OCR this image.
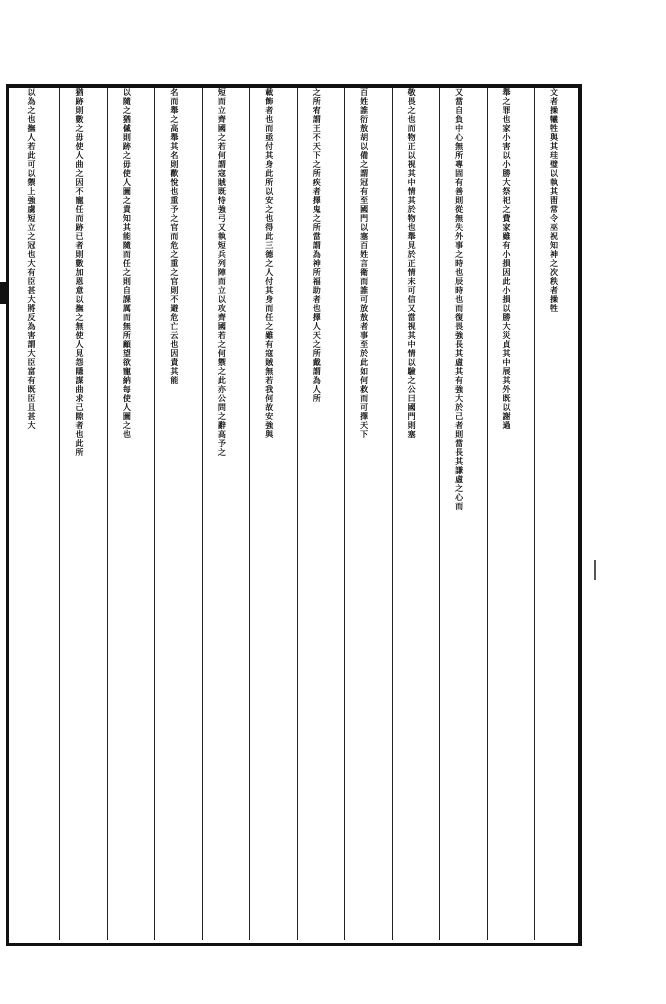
文者操犧牲與其珪璧以執其㽞常令巫祝知神之次秩者操牲
舉之罪也家小害以小勝大祭祀之費家雖有小損因此小損以勝大災貞其中展其外既以謝過
又當自負中心無所專固有善則從無失外事之時也辰時也而復畏強長其虛其有強大於己者則當長其謙虛之心而
敬畏之也而物正以視其中情其於物也舉見於正情末可信又當視其中情以驗之公曰國門則塞
百姓誰衍敖胡以備之謂冠有至國門以塞百姓言衛而誰可放敖者事至於此如何救而可擇天下
之所宥謂王不天下之所疾者擇鬼之所當謂為神所福助者也擇人天之所戴謂為人所
載飾者也而亟付其身此所以安之也得此三德之人付其身而任之雖有寇賊無若我何故安強與
短而立齊國之若何謂寇賊既恃強弓又執短兵列陣而立以攻齊國若之何禦之此亦公問之辭高予之
名而舉之高舉其名則歡悅也重予之官而危之重之官則不避危亡云也因責其能
以隨之猶傶則跡之毋使人圖之責知其能隨而任之則自課厲而無所顧望欲寵納每使人圖之也
猶跡則數之毋使人曲之因不寵任而跡已者則數加恩意以撫之無使人見怨隱謀曲求己隙者也此所
以為之也撫人若此可以禦上強虜短立之冠也大有臣甚大將反為害謂大臣富有既臣且甚大
